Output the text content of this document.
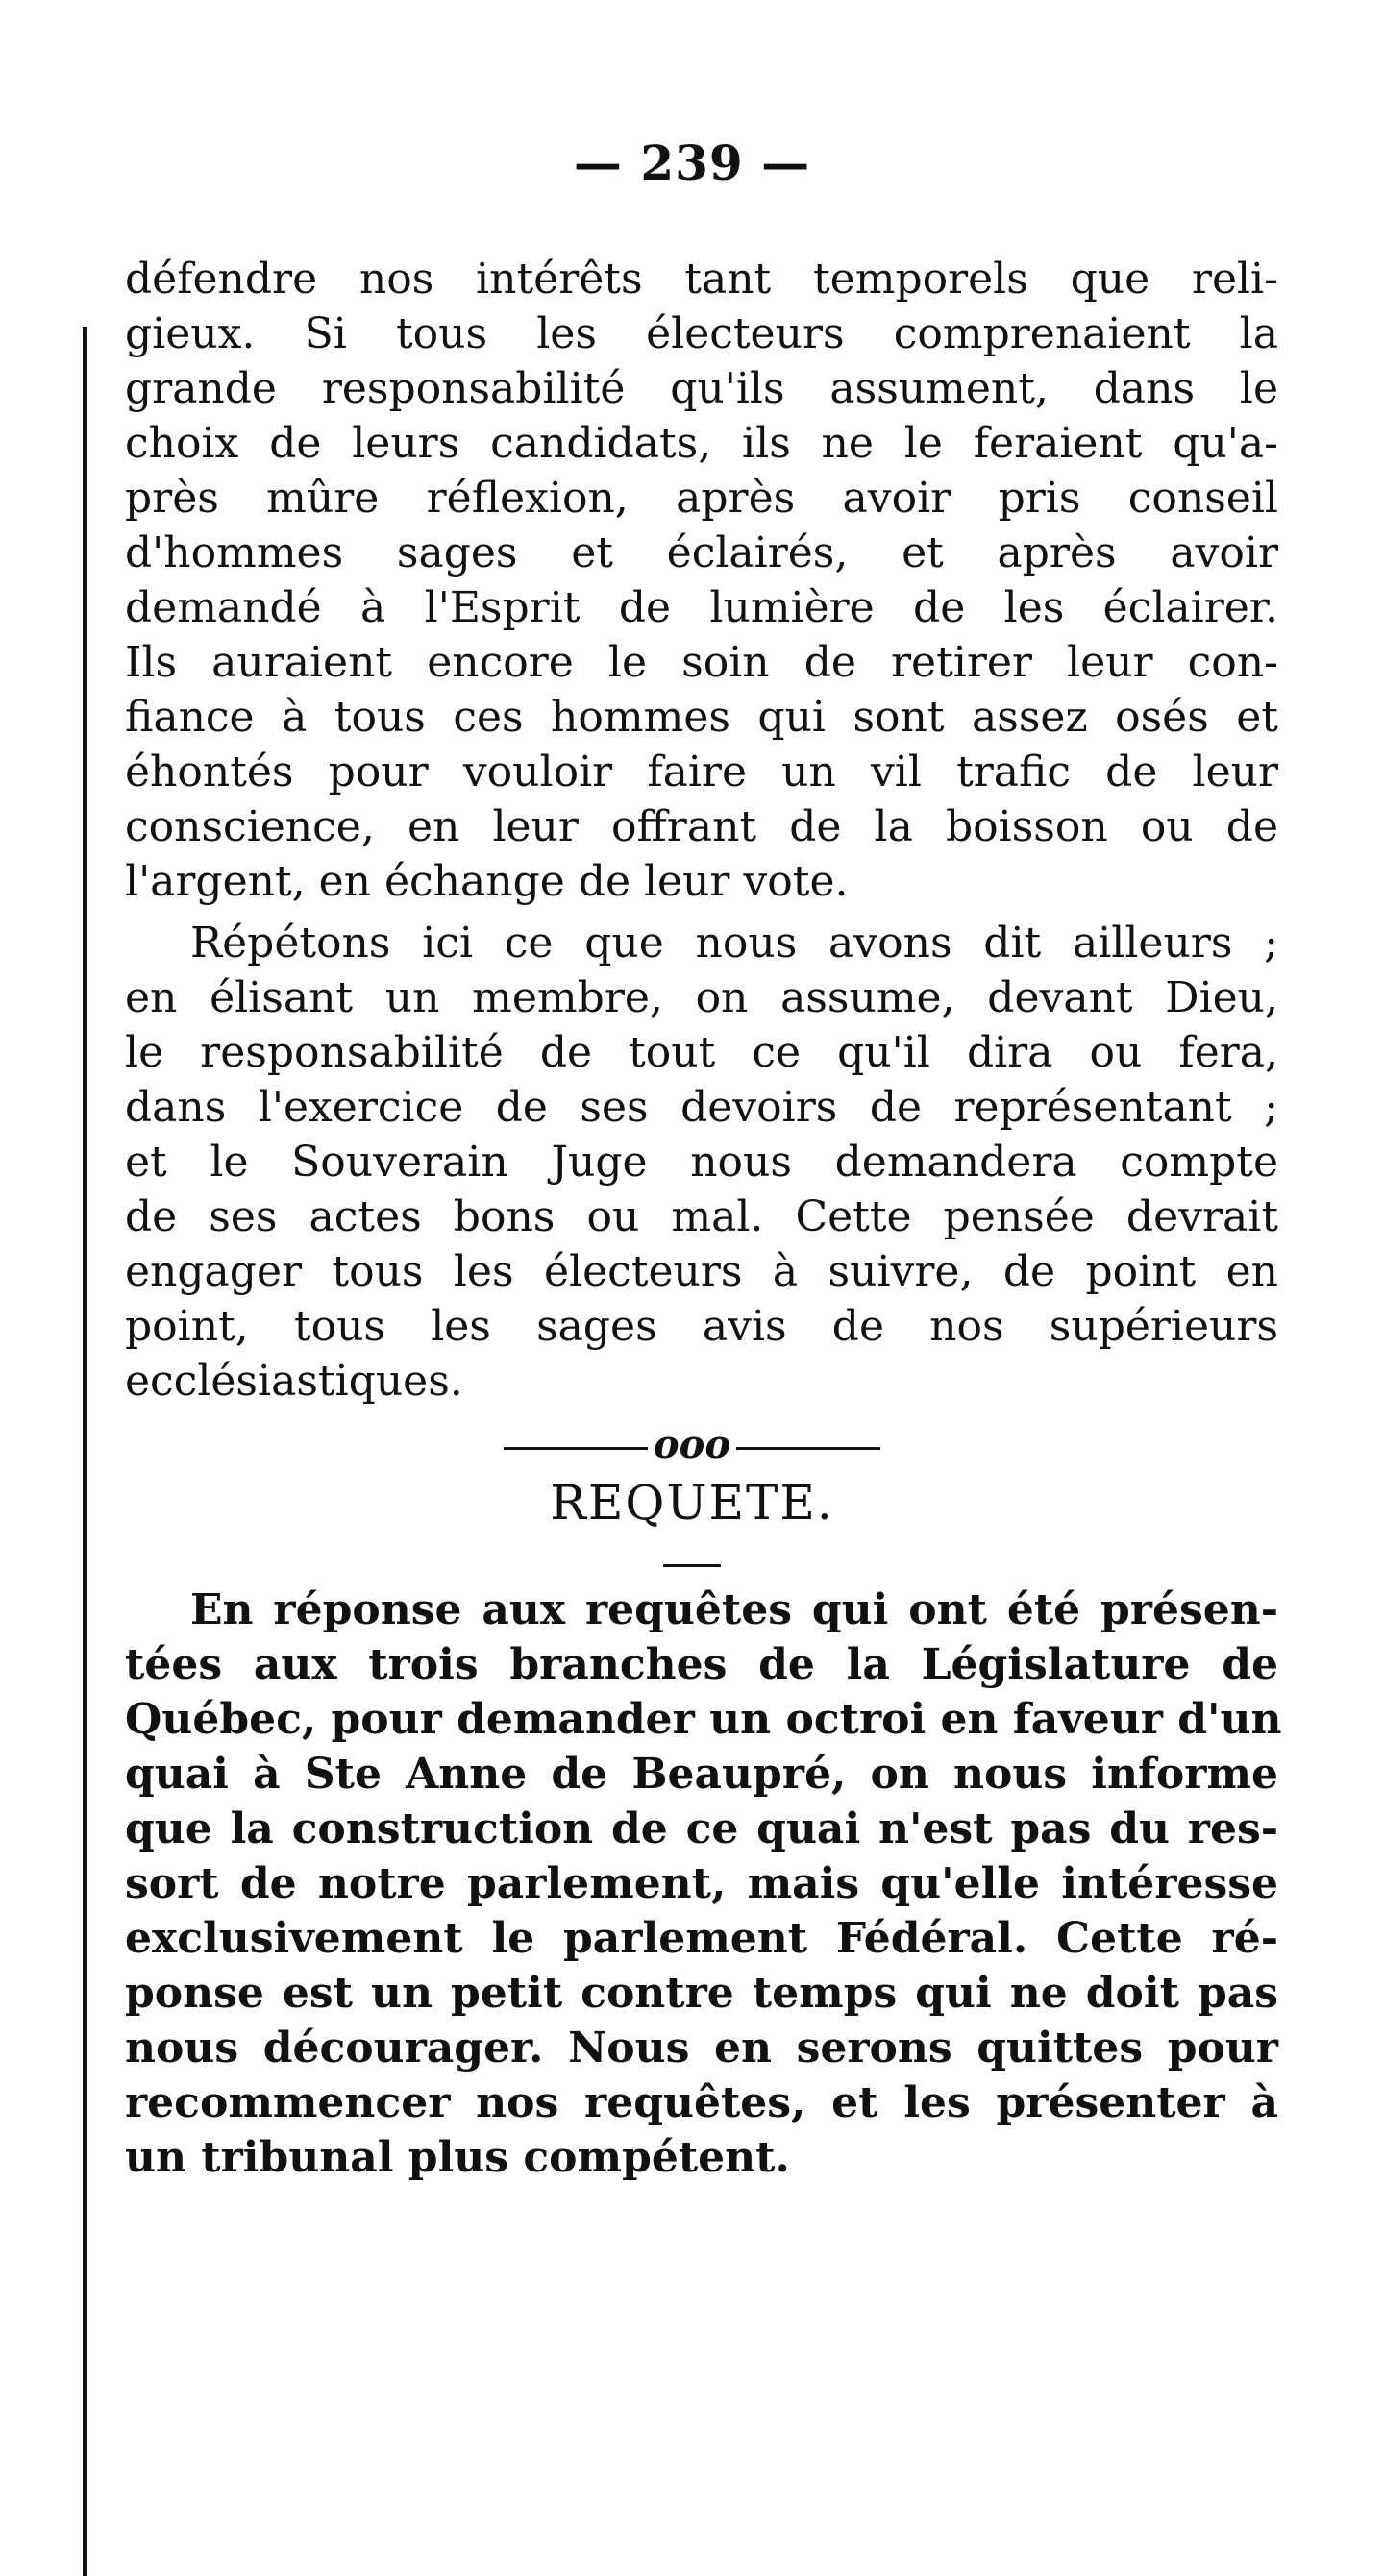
— 239 —
défendre nos intérêts tant temporels que reli-
gieux. Si tous les électeurs comprenaient la
grande responsabilité qu'ils assument, dans le
choix de leurs candidats, ils ne le feraient qu'a-
près mûre réflexion, après avoir pris conseil
d'hommes sages et éclairés, et après avoir
demandé à l'Esprit de lumière de les éclairer.
Ils auraient encore le soin de retirer leur con-
fiance à tous ces hommes qui sont assez osés et
éhontés pour vouloir faire un vil trafic de leur
conscience, en leur offrant de la boisson ou de
l'argent, en échange de leur vote.
Répétons ici ce que nous avons dit ailleurs ;
en élisant un membre, on assume, devant Dieu,
le responsabilité de tout ce qu'il dira ou fera,
dans l'exercice de ses devoirs de représentant ;
et le Souverain Juge nous demandera compte
de ses actes bons ou mal. Cette pensée devrait
engager tous les électeurs à suivre, de point en
point, tous les sages avis de nos supérieurs
ecclésiastiques.
ooo
REQUETE.
En réponse aux requêtes qui ont été présen-
tées aux trois branches de la Législature de
Québec, pour demander un octroi en faveur d'un
quai à Ste Anne de Beaupré, on nous informe
que la construction de ce quai n'est pas du res-
sort de notre parlement, mais qu'elle intéresse
exclusivement le parlement Fédéral. Cette ré-
ponse est un petit contre temps qui ne doit pas
nous décourager. Nous en serons quittes pour
recommencer nos requêtes, et les présenter à
un tribunal plus compétent.
